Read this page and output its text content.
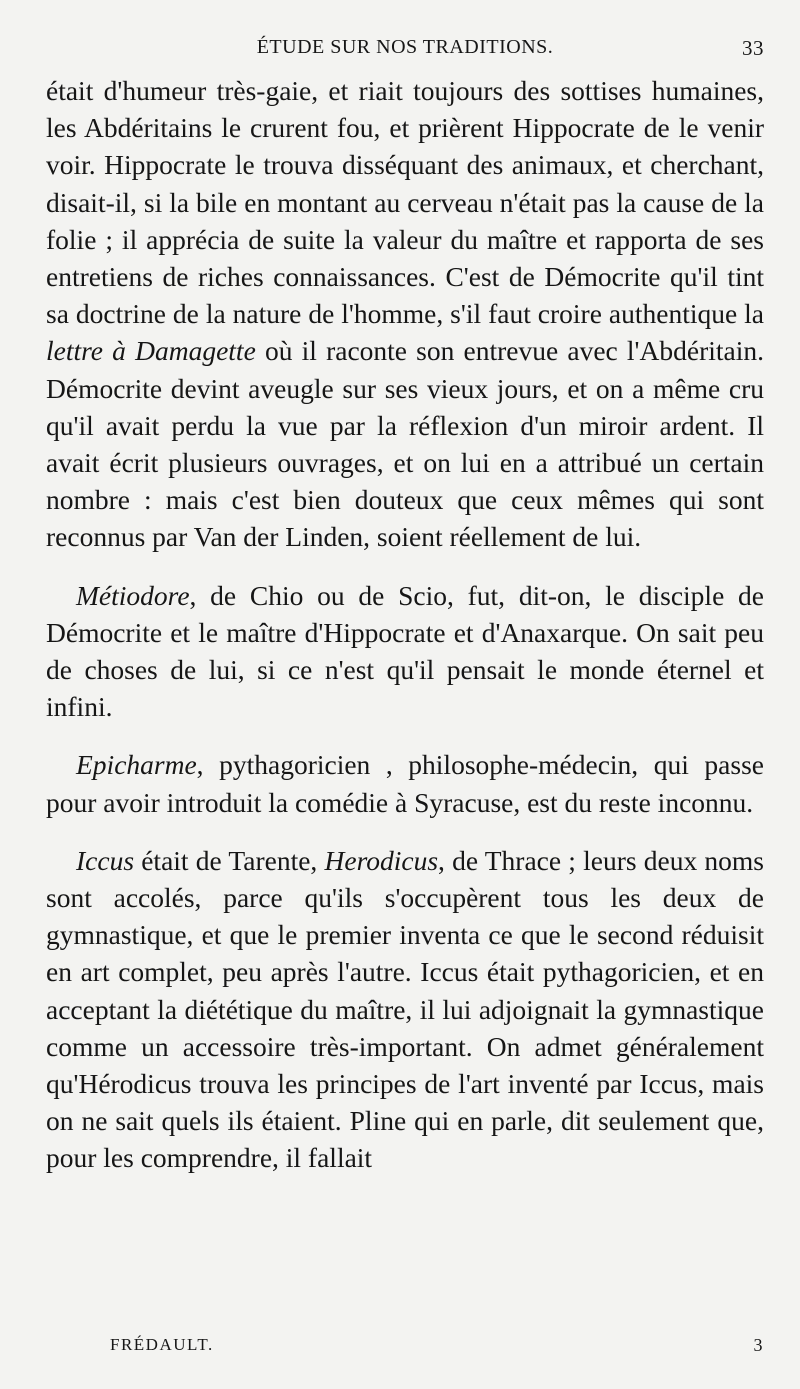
ÉTUDE SUR NOS TRADITIONS.	33

était d'humeur très-gaie, et riait toujours des sottises humaines, les Abdéritains le crurent fou, et prièrent Hippocrate de le venir voir. Hippocrate le trouva disséquant des animaux, et cherchant, disait-il, si la bile en montant au cerveau n'était pas la cause de la folie ; il apprécia de suite la valeur du maître et rapporta de ses entretiens de riches connaissances. C'est de Démocrite qu'il tint sa doctrine de la nature de l'homme, s'il faut croire authentique la lettre à Damagette où il raconte son entrevue avec l'Abdéritain. Démocrite devint aveugle sur ses vieux jours, et on a même cru qu'il avait perdu la vue par la réflexion d'un miroir ardent. Il avait écrit plusieurs ouvrages, et on lui en a attribué un certain nombre : mais c'est bien douteux que ceux mêmes qui sont reconnus par Van der Linden, soient réellement de lui.

Métiodore, de Chio ou de Scio, fut, dit-on, le disciple de Démocrite et le maître d'Hippocrate et d'Anaxarque. On sait peu de choses de lui, si ce n'est qu'il pensait le monde éternel et infini.

Epicharme, pythagoricien , philosophe-médecin, qui passe pour avoir introduit la comédie à Syracuse, est du reste inconnu.

Iccus était de Tarente, Herodicus, de Thrace ; leurs deux noms sont accolés, parce qu'ils s'occupèrent tous les deux de gymnastique, et que le premier inventa ce que le second réduisit en art complet, peu après l'autre. Iccus était pythagoricien, et en acceptant la diététique du maître, il lui adjoignait la gymnastique comme un accessoire très-important. On admet généralement qu'Hérodicus trouva les principes de l'art inventé par Iccus, mais on ne sait quels ils étaient. Pline qui en parle, dit seulement que, pour les comprendre, il fallait

FRÉDAULT.	3
